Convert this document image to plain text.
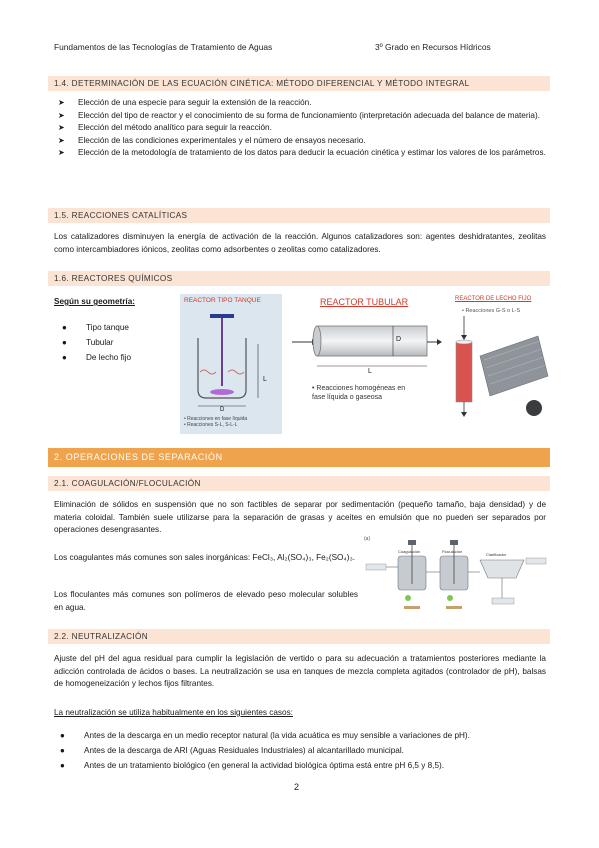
Fundamentos de las Tecnologías de Tratamiento de Aguas	3º Grado en Recursos Hídricos
1.4. DETERMINACIÓN DE LAS ECUACIÓN CINÉTICA: MÉTODO DIFERENCIAL Y MÉTODO INTEGRAL
➤	Elección de una especie para seguir la extensión de la reacción.
➤	Elección del tipo de reactor y el conocimiento de su forma de funcionamiento (interpretación adecuada del balance de materia).
➤	Elección del método analítico para seguir la reacción.
➤	Elección de las condiciones experimentales y el número de ensayos necesario.
➤	Elección de la metodología de tratamiento de los datos para deducir la ecuación cinética y estimar los valores de los parámetros.
1.5. REACCIONES CATALÍTICAS
Los catalizadores disminuyen la energía de activación de la reacción. Algunos catalizadores son: agentes deshidratantes, zeolitas como intercambiadores iónicos, zeolitas como adsorbentes o zeolitas como catalizadores.
1.6. REACTORES QUÍMICOS
Según su geometría:
●	Tipo tanque
●	Tubular
●	De lecho fijo
REACTOR TIPO TANQUE
L
D
• Reacciones en fase líquida
• Reacciones S-L, S-L-L
REACTOR TUBULAR
D
L
• Reacciones homogéneas en
fase líquida o gaseosa
REACTOR DE LECHO FIJO
• Reacciones G-S o L-S
2. OPERACIONES DE SEPARACIÓN
2.1. COAGULACIÓN/FLOCULACIÓN
Eliminación de sólidos en suspensión que no son factibles de separar por sedimentación (pequeño tamaño, baja densidad) y de materia coloidal. También suele utilizarse para la separación de grasas y aceites en emulsión que no pueden ser separados por operaciones desengrasantes.
Los coagulantes más comunes son sales inorgánicas: FeCl₃, Al₂(SO₄)₃, Fe₂(SO₄)₃.
Los floculantes más comunes son polímeros de elevado peso molecular solubles en agua.
(a)
Coagulación	Floculación
Clarificador
2.2. NEUTRALIZACIÓN
Ajuste del pH del agua residual para cumplir la legislación de vertido o para su adecuación a tratamientos posteriores mediante la adicción controlada de ácidos o bases. La neutralización se usa en tanques de mezcla completa agitados (controlador de pH), balsas de homogeneización y lechos fijos filtrantes.
La neutralización se utiliza habitualmente en los siguientes casos:
●	Antes de la descarga en un medio receptor natural (la vida acuática es muy sensible a variaciones de pH).
●	Antes de la descarga de ARI (Aguas Residuales Industriales) al alcantarillado municipal.
●	Antes de un tratamiento biológico (en general la actividad biológica óptima está entre pH 6,5 y 8,5).
2
